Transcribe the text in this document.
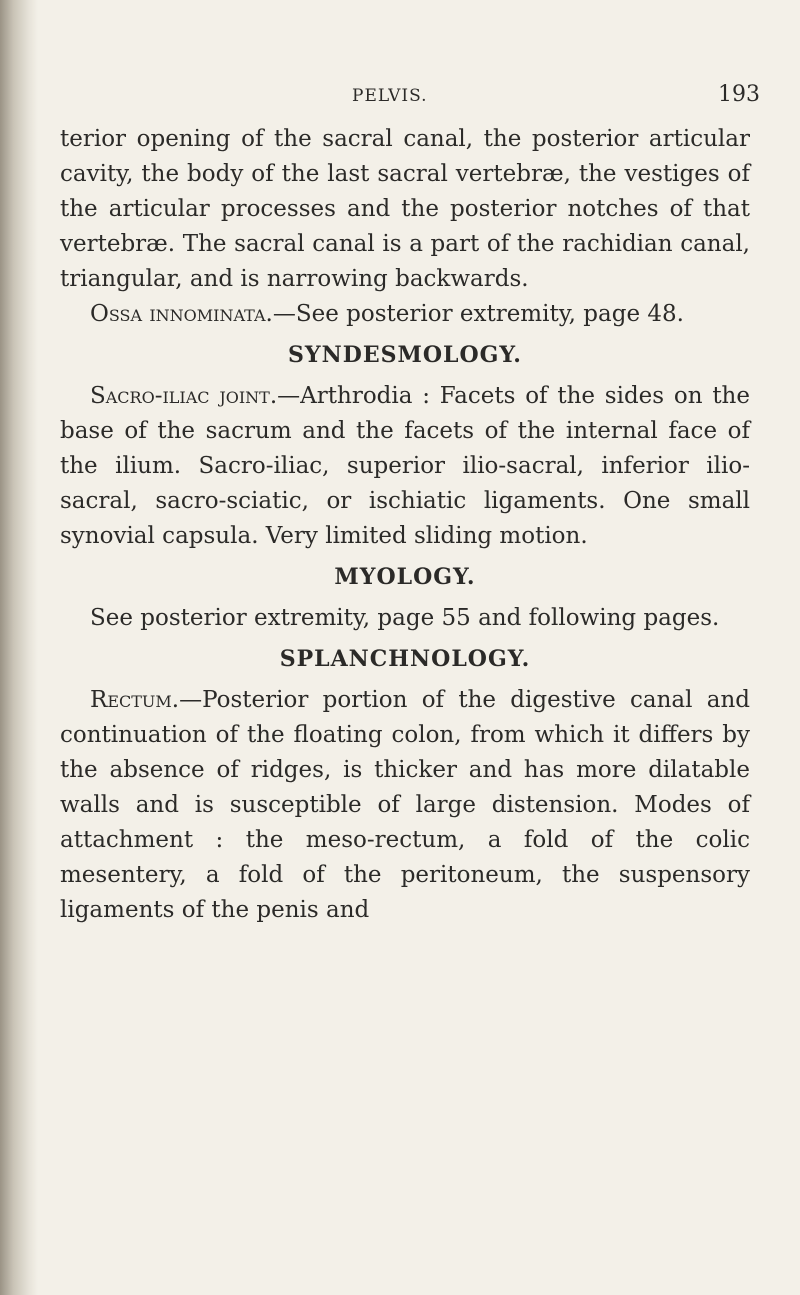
PELVIS.	193

terior opening of the sacral canal, the posterior articular cavity, the body of the last sacral vertebræ, the vestiges of the articular processes and the posterior notches of that vertebræ. The sacral canal is a part of the rachidian canal, triangular, and is narrowing backwards.

Ossa innominata.—See posterior extremity, page 48.

SYNDESMOLOGY.

Sacro-iliac joint.—Arthrodia : Facets of the sides on the base of the sacrum and the facets of the internal face of the ilium. Sacro-iliac, superior ilio-sacral, inferior ilio-sacral, sacro-sciatic, or ischiatic ligaments. One small synovial capsula. Very limited sliding motion.

MYOLOGY.

See posterior extremity, page 55 and following pages.

SPLANCHNOLOGY.

Rectum.—Posterior portion of the digestive canal and continuation of the floating colon, from which it differs by the absence of ridges, is thicker and has more dilatable walls and is susceptible of large distension. Modes of attachment : the meso-rectum, a fold of the colic mesentery, a fold of the peritoneum, the suspensory ligaments of the penis and
